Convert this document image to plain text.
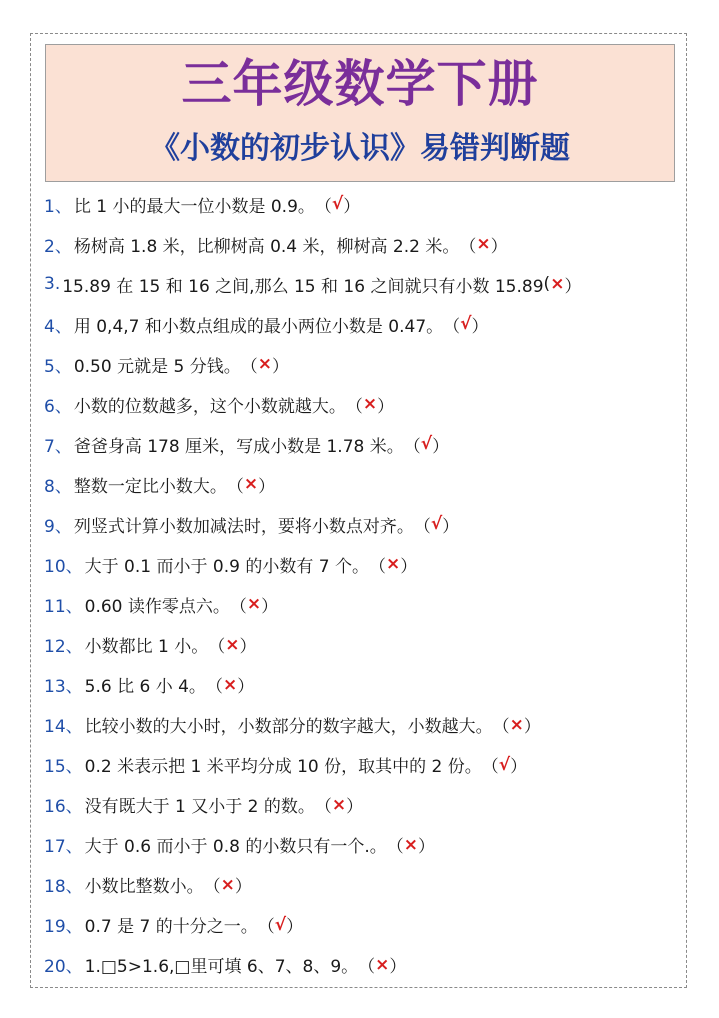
三年级数学下册
《小数的初步认识》易错判断题
1、 比 1 小的最大一位小数是 0.9。 （ √ ）
2、 杨树高 1.8 米，比柳树高 0.4 米，柳树高 2.2 米。 （ × ）
3. 15.89 在 15 和 16 之间,那么 15 和 16 之间就只有小数 15.89 ( × ）
4、 用 0,4,7 和小数点组成的最小两位小数是 0.47。 （ √ ）
5、 0.50 元就是 5 分钱。 （ × ）
6、 小数的位数越多，这个小数就越大。 （ × ）
7、 爸爸身高 178 厘米，写成小数是 1.78 米。 （ √ ）
8、 整数一定比小数大。 （ × ）
9、 列竖式计算小数加减法时，要将小数点对齐。 （ √ ）
10、 大于 0.1 而小于 0.9 的小数有 7 个。 （ × ）
11、 0.60 读作零点六。 （ × ）
12、 小数都比 1 小。 （ × ）
13、 5.6 比 6 小 4。 （ × ）
14、 比较小数的大小时，小数部分的数字越大，小数越大。 （ × ）
15、 0.2 米表示把 1 米平均分成 10 份，取其中的 2 份。 （ √ ）
16、 没有既大于 1 又小于 2 的数。 （ × ）
17、 大于 0.6 而小于 0.8 的小数只有一个.。 （ × ）
18、 小数比整数小。 （ × ）
19、 0.7 是 7 的十分之一。 （ √ ）
20、 1.□5>1.6,□里可填 6、7、8、9。 （ × ）
